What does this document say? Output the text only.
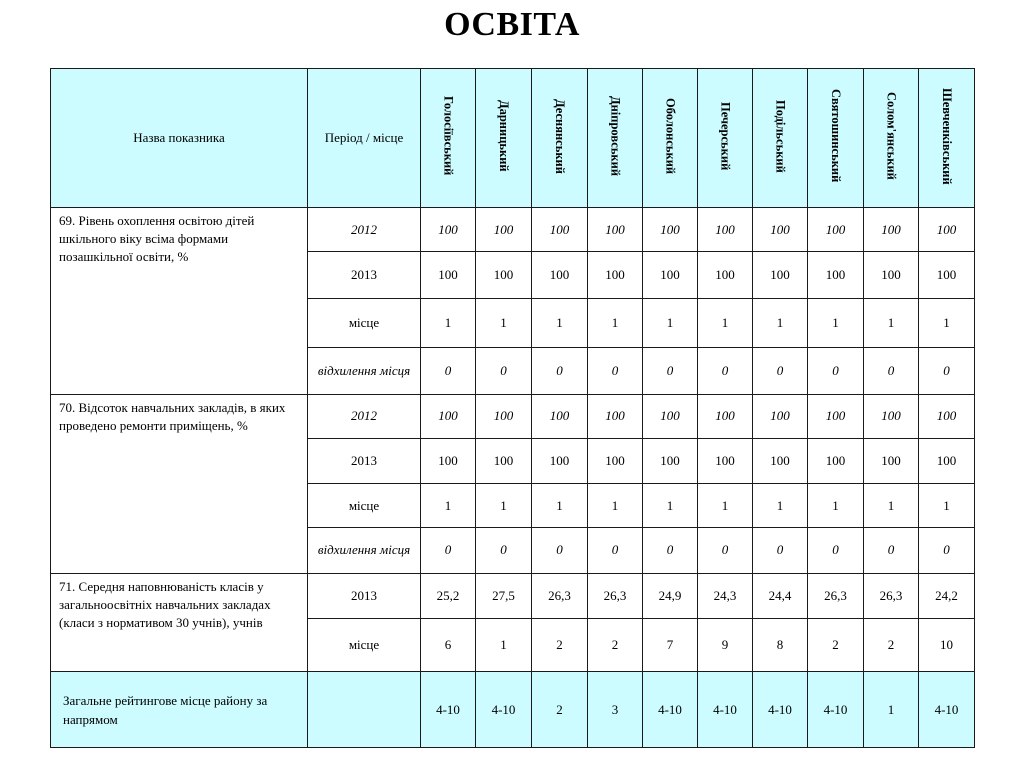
ОСВІТА
Назва показника	Період / місце	Голосіївський	Дарницький	Деснянський	Дніпровський	Оболонський	Печерський	Подільський	Святошинський	Солом'янський	Шевченківський
69. Рівень охоплення освітою дітей шкільного віку всіма формами позашкільної освіти, %	2012	100	100	100	100	100	100	100	100	100	100
	2013	100	100	100	100	100	100	100	100	100	100
	місце	1	1	1	1	1	1	1	1	1	1
	відхилення місця	0	0	0	0	0	0	0	0	0	0
70. Відсоток навчальних закладів, в яких проведено ремонти приміщень, %	2012	100	100	100	100	100	100	100	100	100	100
	2013	100	100	100	100	100	100	100	100	100	100
	місце	1	1	1	1	1	1	1	1	1	1
	відхилення місця	0	0	0	0	0	0	0	0	0	0
71. Середня наповнюваність класів у загальноосвітніх навчальних закладах (класи з нормативом 30 учнів), учнів	2013	25,2	27,5	26,3	26,3	24,9	24,3	24,4	26,3	26,3	24,2
	місце	6	1	2	2	7	9	8	2	2	10
Загальне рейтингове місце району за напрямом		4-10	4-10	2	3	4-10	4-10	4-10	4-10	1	4-10
